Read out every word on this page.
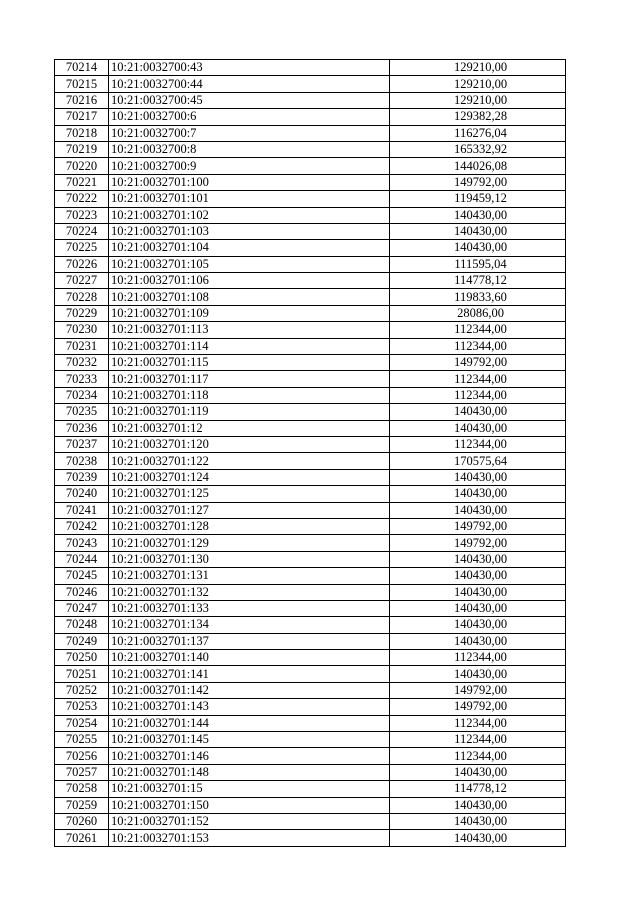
70214	10:21:0032700:43	129210,00
70215	10:21:0032700:44	129210,00
70216	10:21:0032700:45	129210,00
70217	10:21:0032700:6	129382,28
70218	10:21:0032700:7	116276,04
70219	10:21:0032700:8	165332,92
70220	10:21:0032700:9	144026,08
70221	10:21:0032701:100	149792,00
70222	10:21:0032701:101	119459,12
70223	10:21:0032701:102	140430,00
70224	10:21:0032701:103	140430,00
70225	10:21:0032701:104	140430,00
70226	10:21:0032701:105	111595,04
70227	10:21:0032701:106	114778,12
70228	10:21:0032701:108	119833,60
70229	10:21:0032701:109	28086,00
70230	10:21:0032701:113	112344,00
70231	10:21:0032701:114	112344,00
70232	10:21:0032701:115	149792,00
70233	10:21:0032701:117	112344,00
70234	10:21:0032701:118	112344,00
70235	10:21:0032701:119	140430,00
70236	10:21:0032701:12	140430,00
70237	10:21:0032701:120	112344,00
70238	10:21:0032701:122	170575,64
70239	10:21:0032701:124	140430,00
70240	10:21:0032701:125	140430,00
70241	10:21:0032701:127	140430,00
70242	10:21:0032701:128	149792,00
70243	10:21:0032701:129	149792,00
70244	10:21:0032701:130	140430,00
70245	10:21:0032701:131	140430,00
70246	10:21:0032701:132	140430,00
70247	10:21:0032701:133	140430,00
70248	10:21:0032701:134	140430,00
70249	10:21:0032701:137	140430,00
70250	10:21:0032701:140	112344,00
70251	10:21:0032701:141	140430,00
70252	10:21:0032701:142	149792,00
70253	10:21:0032701:143	149792,00
70254	10:21:0032701:144	112344,00
70255	10:21:0032701:145	112344,00
70256	10:21:0032701:146	112344,00
70257	10:21:0032701:148	140430,00
70258	10:21:0032701:15	114778,12
70259	10:21:0032701:150	140430,00
70260	10:21:0032701:152	140430,00
70261	10:21:0032701:153	140430,00
